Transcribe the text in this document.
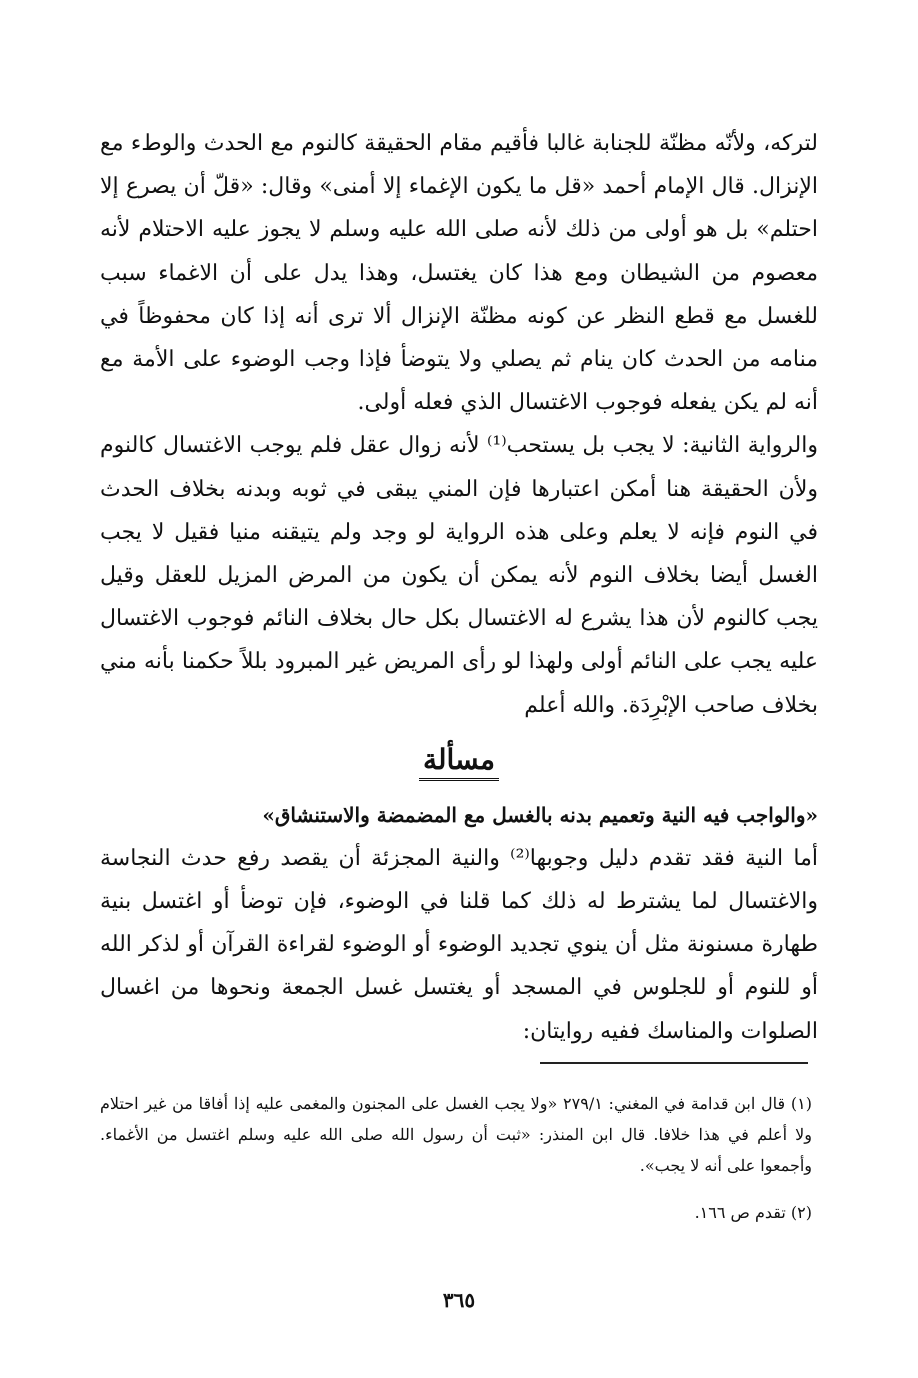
لتركه، ولأنّه مظنّة للجنابة غالبا فأقيم مقام الحقيقة كالنوم مع الحدث والوطء مع الإنزال. قال الإمام أحمد «قل ما يكون الإغماء إلا أمنى» وقال: «قلّ أن يصرع إلا احتلم» بل هو أولى من ذلك لأنه صلى الله عليه وسلم لا يجوز عليه الاحتلام لأنه معصوم من الشيطان ومع هذا كان يغتسل، وهذا يدل على أن الاغماء سبب للغسل مع قطع النظر عن كونه مظنّة الإنزال ألا ترى أنه إذا كان محفوظاً في منامه من الحدث كان ينام ثم يصلي ولا يتوضأ فإذا وجب الوضوء على الأمة مع أنه لم يكن يفعله فوجوب الاغتسال الذي فعله أولى.

والرواية الثانية: لا يجب بل يستحب⁽¹⁾ لأنه زوال عقل فلم يوجب الاغتسال كالنوم ولأن الحقيقة هنا أمكن اعتبارها فإن المني يبقى في ثوبه وبدنه بخلاف الحدث في النوم فإنه لا يعلم وعلى هذه الرواية لو وجد ولم يتيقنه منيا فقيل لا يجب الغسل أيضا بخلاف النوم لأنه يمكن أن يكون من المرض المزيل للعقل وقيل يجب كالنوم لأن هذا يشرع له الاغتسال بكل حال بخلاف النائم فوجوب الاغتسال عليه يجب على النائم أولى ولهذا لو رأى المريض غير المبرود بللاً حكمنا بأنه مني بخلاف صاحب الإبْرِدَة. والله أعلم

مسألة
«والواجب فيه النية وتعميم بدنه بالغسل مع المضمضة والاستنشاق»

أما النية فقد تقدم دليل وجوبها⁽²⁾ والنية المجزئة أن يقصد رفع حدث النجاسة والاغتسال لما يشترط له ذلك كما قلنا في الوضوء، فإن توضأ أو اغتسل بنية طهارة مسنونة مثل أن ينوي تجديد الوضوء أو الوضوء لقراءة القرآن أو لذكر الله أو للنوم أو للجلوس في المسجد أو يغتسل غسل الجمعة ونحوها من اغسال الصلوات والمناسك ففيه روايتان:

(١) قال ابن قدامة في المغني: ٢٧٩/١ «ولا يجب الغسل على المجنون والمغمى عليه إذا أفاقا من غير احتلام ولا أعلم في هذا خلافا. قال ابن المنذر: «ثبت أن رسول الله صلى الله عليه وسلم اغتسل من الأغماء. وأجمعوا على أنه لا يجب».

(٢) تقدم ص ١٦٦.

٣٦٥
